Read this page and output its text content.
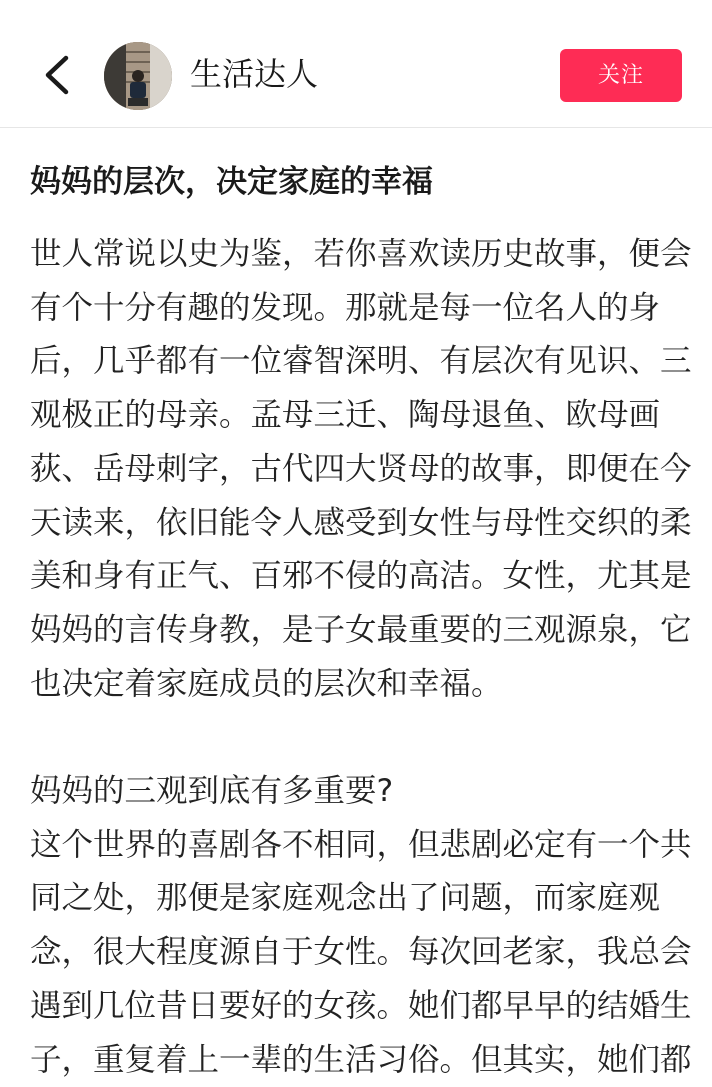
生活达人	关注
妈妈的层次，决定家庭的幸福

世人常说以史为鉴，若你喜欢读历史故事，便会

有个十分有趣的发现。那就是每一位名人的身

后，几乎都有一位睿智深明、有层次有见识、三

观极正的母亲。孟母三迁、陶母退鱼、欧母画

荻、岳母刺字，古代四大贤母的故事，即便在今

天读来，依旧能令人感受到女性与母性交织的柔

美和身有正气、百邪不侵的高洁。女性，尤其是

妈妈的言传身教，是子女最重要的三观源泉，它

也决定着家庭成员的层次和幸福。

妈妈的三观到底有多重要?

这个世界的喜剧各不相同，但悲剧必定有一个共

同之处，那便是家庭观念出了问题，而家庭观

念，很大程度源自于女性。每次回老家，我总会

遇到几位昔日要好的女孩。她们都早早的结婚生

子，重复着上一辈的生活习俗。但其实，她们都
